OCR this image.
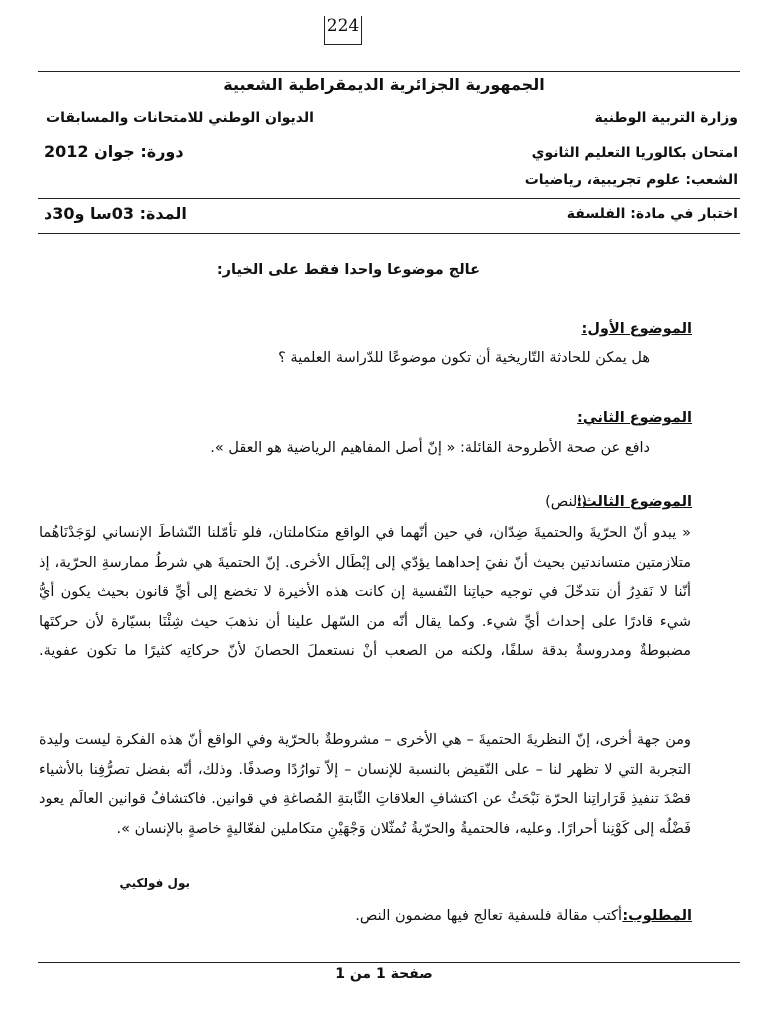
224
الجمهورية الجزائرية الديمقراطية الشعبية
وزارة التربية الوطنية
الديوان الوطني للامتحانات والمسابقات
امتحان بكالوريا التعليم الثانوي
دورة: جوان 2012
الشعب: علوم تجريبية، رياضيات
اختبار في مادة: الفلسفة
المدة: 03سا و30د
عالج موضوعا واحدا فقط على الخيار:
الموضوع الأول:
هل يمكن للحادثة التّاريخية أن تكون موضوعًا للدّراسة العلمية ؟
الموضوع الثاني:
دافع عن صحة الأطروحة القائلة: « إنّ أصل المفاهيم الرياضية هو العقل ».
الموضوع الثالث:
(النص)
« يبدو أنّ الحرّيةَ والحتميةَ ضِدّان، في حين أنّهما في الواقع متكاملتان، فلو تأمّلنا النّشاطَ الإنساني لوَجَدْنَاهُما متلازمتين متساندتين بحيث أنّ نفيَ إحداهما يؤدّي إلى إبْطَال الأخرى. إنّ الحتميةَ هي شرطُ ممارسةِ الحرّية، إذ أنّنا لا نَقدِرُ أن نتدخّلَ في توجيه حياتِنا النّفسية إن كانت هذه الأخيرة لا تخضع إلى أيِّ قانون بحيث يكون أيُّ شيء قادرًا على إحداث أيِّ شيء. وكما يقال أنّه من السّهل علينا أن نذهبَ حيث شِئْنَا بسيّارة لأن حركتَها مضبوطةٌ ومدروسةٌ بدقة سلفًا، ولكنه من الصعب أنْ نستعملَ الحصانَ لأنّ حركاتِه كثيرًا ما تكون عفوية.
ومن جهة أخرى، إنّ النظريةَ الحتميةَ – هي الأخرى – مشروطةٌ بالحرّية وفي الواقع أنّ هذه الفكرة ليست وليدة التجربة التي لا تظهر لنا – على النّقيض بالنسبة للإنسان – إلاّ توارُدًا وصدفًا. وذلك، أنّه بفضل تصرُّفِنا بالأشياء قصْدَ تنفيذِ قَرَاراتِنا الحرّة نَبْحَثُ عن اكتشافِ العلاقاتِ الثّابتةِ المُصاغةِ في قوانين. فاكتشافُ قوانين العالَم يعود فَضْلُه إلى كَوْنِنا أحرارًا. وعليه، فالحتميةُ والحرّيةُ تُمثّلان وَجْهَيْنِ متكاملين لفعّاليةٍ خاصةٍ بالإنسان ».
بول فولكيي
المطلوب:
أكتب مقالة فلسفية تعالج فيها مضمون النص.
صفحة 1 من 1
